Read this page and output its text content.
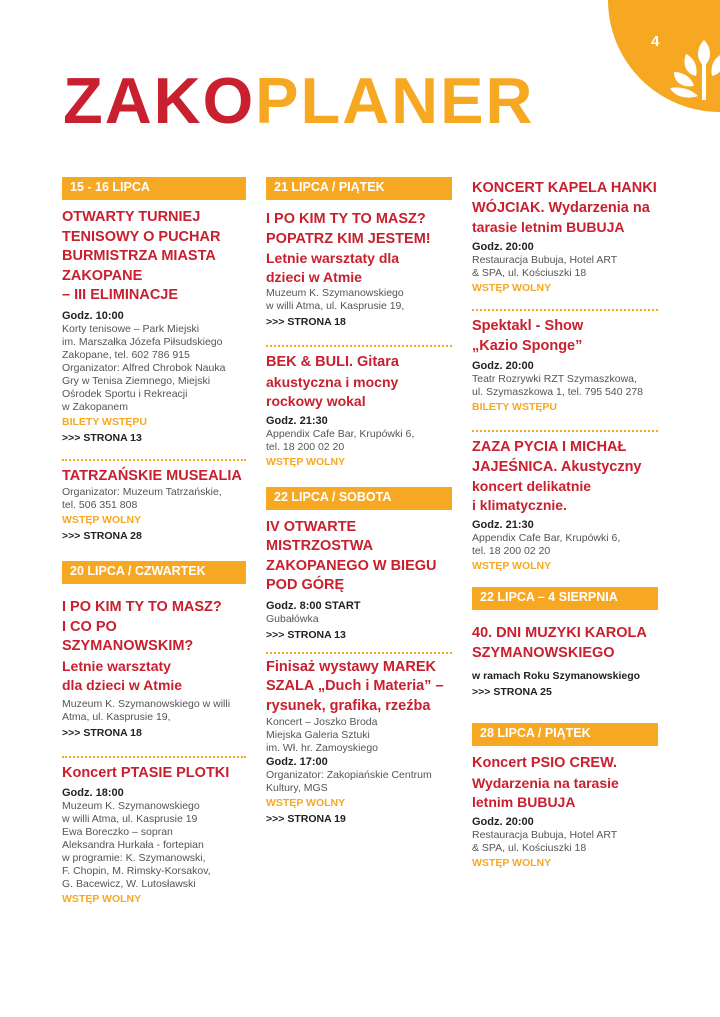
4
ZAKOPLANER
15 - 16 LIPCA
OTWARTY TURNIEJ
TENISOWY O PUCHAR
BURMISTRZA MIASTA
ZAKOPANE
– III ELIMINACJE
Godz. 10:00
Korty tenisowe – Park Miejski
im. Marszałka Józefa Piłsudskiego
Zakopane, tel. 602 786 915
Organizator: Alfred Chrobok Nauka
Gry w Tenisa Ziemnego, Miejski
Ośrodek Sportu i Rekreacji
w Zakopanem
BILETY WSTĘPU
>>> STRONA 13
TATRZAŃSKIE MUSEALIA
Organizator: Muzeum Tatrzańskie,
tel. 506 351 808
WSTĘP WOLNY
>>> STRONA 28
20 LIPCA / CZWARTEK
I PO KIM TY TO MASZ?
I CO PO
SZYMANOWSKIM?
Letnie warsztaty
dla dzieci w Atmie
Muzeum K. Szymanowskiego w willi
Atma, ul. Kasprusie 19,
>>> STRONA 18
Koncert PTASIE PLOTKI
Godz. 18:00
Muzeum K. Szymanowskiego
w willi Atma, ul. Kasprusie 19
Ewa Boreczko – sopran
Aleksandra Hurkała - fortepian
w programie: K. Szymanowski,
F. Chopin, M. Rimsky-Korsakov,
G. Bacewicz, W. Lutosławski
WSTĘP WOLNY
21 LIPCA / PIĄTEK
I PO KIM TY TO MASZ?
POPATRZ KIM JESTEM!
Letnie warsztaty dla
dzieci w Atmie
Muzeum K. Szymanowskiego
w willi Atma, ul. Kasprusie 19,
>>> STRONA 18
BEK & BULI. Gitara
akustyczna i mocny
rockowy wokal
Godz. 21:30
Appendix Cafe Bar, Krupówki 6,
tel. 18 200 02 20
WSTĘP WOLNY
22 LIPCA / SOBOTA
IV OTWARTE
MISTRZOSTWA
ZAKOPANEGO W BIEGU
POD GÓRĘ
Godz. 8:00 START
Gubałówka
>>> STRONA 13
Finisaż wystawy MAREK
SZALA „Duch i Materia” –
rysunek, grafika, rzeźba
Koncert – Joszko Broda
Miejska Galeria Sztuki
im. Wł. hr. Zamoyskiego
Godz. 17:00
Organizator: Zakopiańskie Centrum
Kultury, MGS
WSTĘP WOLNY
>>> STRONA 19
KONCERT KAPELA HANKI
WÓJCIAK. Wydarzenia na
tarasie letnim BUBUJA
Godz. 20:00
Restauracja Bubuja, Hotel ART
& SPA, ul. Kościuszki 18
WSTĘP WOLNY
Spektakl - Show
„Kazio Sponge”
Godz. 20:00
Teatr Rozrywki RZT Szymaszkowa,
ul. Szymaszkowa 1, tel. 795 540 278
BILETY WSTĘPU
ZAZA PYCIA I MICHAŁ
JAJEŚNICA. Akustyczny
koncert delikatnie
i klimatycznie.
Godz. 21:30
Appendix Cafe Bar, Krupówki 6,
tel. 18 200 02 20
WSTĘP WOLNY
22 LIPCA – 4 SIERPNIA
40. DNI MUZYKI KAROLA
SZYMANOWSKIEGO
w ramach Roku Szymanowskiego
>>> STRONA 25
28 LIPCA / PIĄTEK
Koncert PSIO CREW.
Wydarzenia na tarasie
letnim BUBUJA
Godz. 20:00
Restauracja Bubuja, Hotel ART
& SPA, ul. Kościuszki 18
WSTĘP WOLNY
